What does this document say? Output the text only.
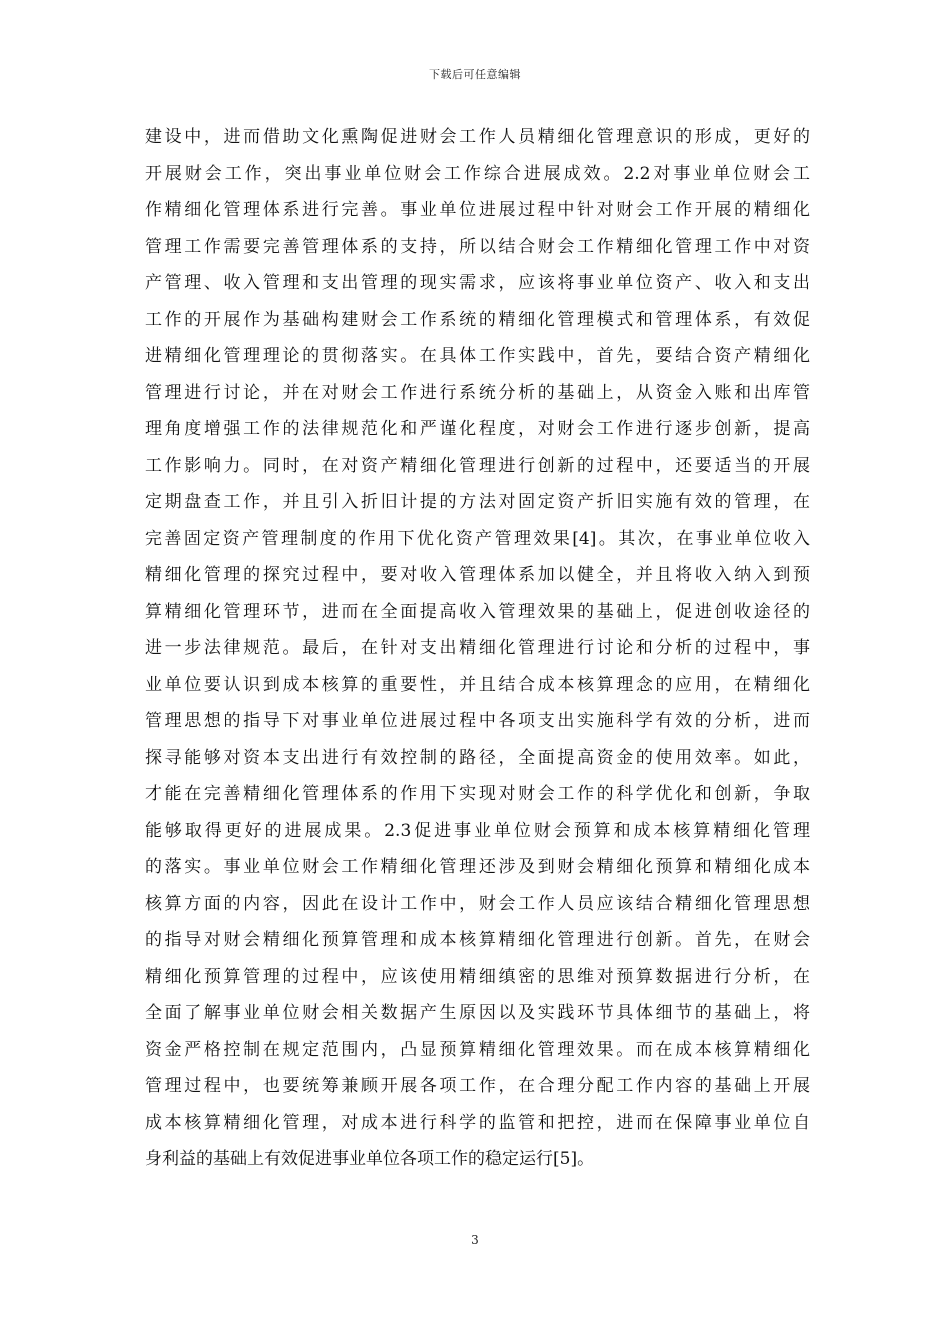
下载后可任意编辑
建设中，进而借助文化熏陶促进财会工作人员精细化管理意识的形成，更好的
开展财会工作，突出事业单位财会工作综合进展成效。2.2对事业单位财会工
作精细化管理体系进行完善。事业单位进展过程中针对财会工作开展的精细化
管理工作需要完善管理体系的支持，所以结合财会工作精细化管理工作中对资
产管理、收入管理和支出管理的现实需求，应该将事业单位资产、收入和支出
工作的开展作为基础构建财会工作系统的精细化管理模式和管理体系，有效促
进精细化管理理论的贯彻落实。在具体工作实践中，首先，要结合资产精细化
管理进行讨论，并在对财会工作进行系统分析的基础上，从资金入账和出库管
理角度增强工作的法律规范化和严谨化程度，对财会工作进行逐步创新，提高
工作影响力。同时，在对资产精细化管理进行创新的过程中，还要适当的开展
定期盘查工作，并且引入折旧计提的方法对固定资产折旧实施有效的管理，在
完善固定资产管理制度的作用下优化资产管理效果[4]。其次，在事业单位收入
精细化管理的探究过程中，要对收入管理体系加以健全，并且将收入纳入到预
算精细化管理环节，进而在全面提高收入管理效果的基础上，促进创收途径的
进一步法律规范。最后，在针对支出精细化管理进行讨论和分析的过程中，事
业单位要认识到成本核算的重要性，并且结合成本核算理念的应用，在精细化
管理思想的指导下对事业单位进展过程中各项支出实施科学有效的分析，进而
探寻能够对资本支出进行有效控制的路径，全面提高资金的使用效率。如此，
才能在完善精细化管理体系的作用下实现对财会工作的科学优化和创新，争取
能够取得更好的进展成果。2.3促进事业单位财会预算和成本核算精细化管理
的落实。事业单位财会工作精细化管理还涉及到财会精细化预算和精细化成本
核算方面的内容，因此在设计工作中，财会工作人员应该结合精细化管理思想
的指导对财会精细化预算管理和成本核算精细化管理进行创新。首先，在财会
精细化预算管理的过程中，应该使用精细缜密的思维对预算数据进行分析，在
全面了解事业单位财会相关数据产生原因以及实践环节具体细节的基础上，将
资金严格控制在规定范围内，凸显预算精细化管理效果。而在成本核算精细化
管理过程中，也要统筹兼顾开展各项工作，在合理分配工作内容的基础上开展
成本核算精细化管理，对成本进行科学的监管和把控，进而在保障事业单位自
身利益的基础上有效促进事业单位各项工作的稳定运行[5]。
3
